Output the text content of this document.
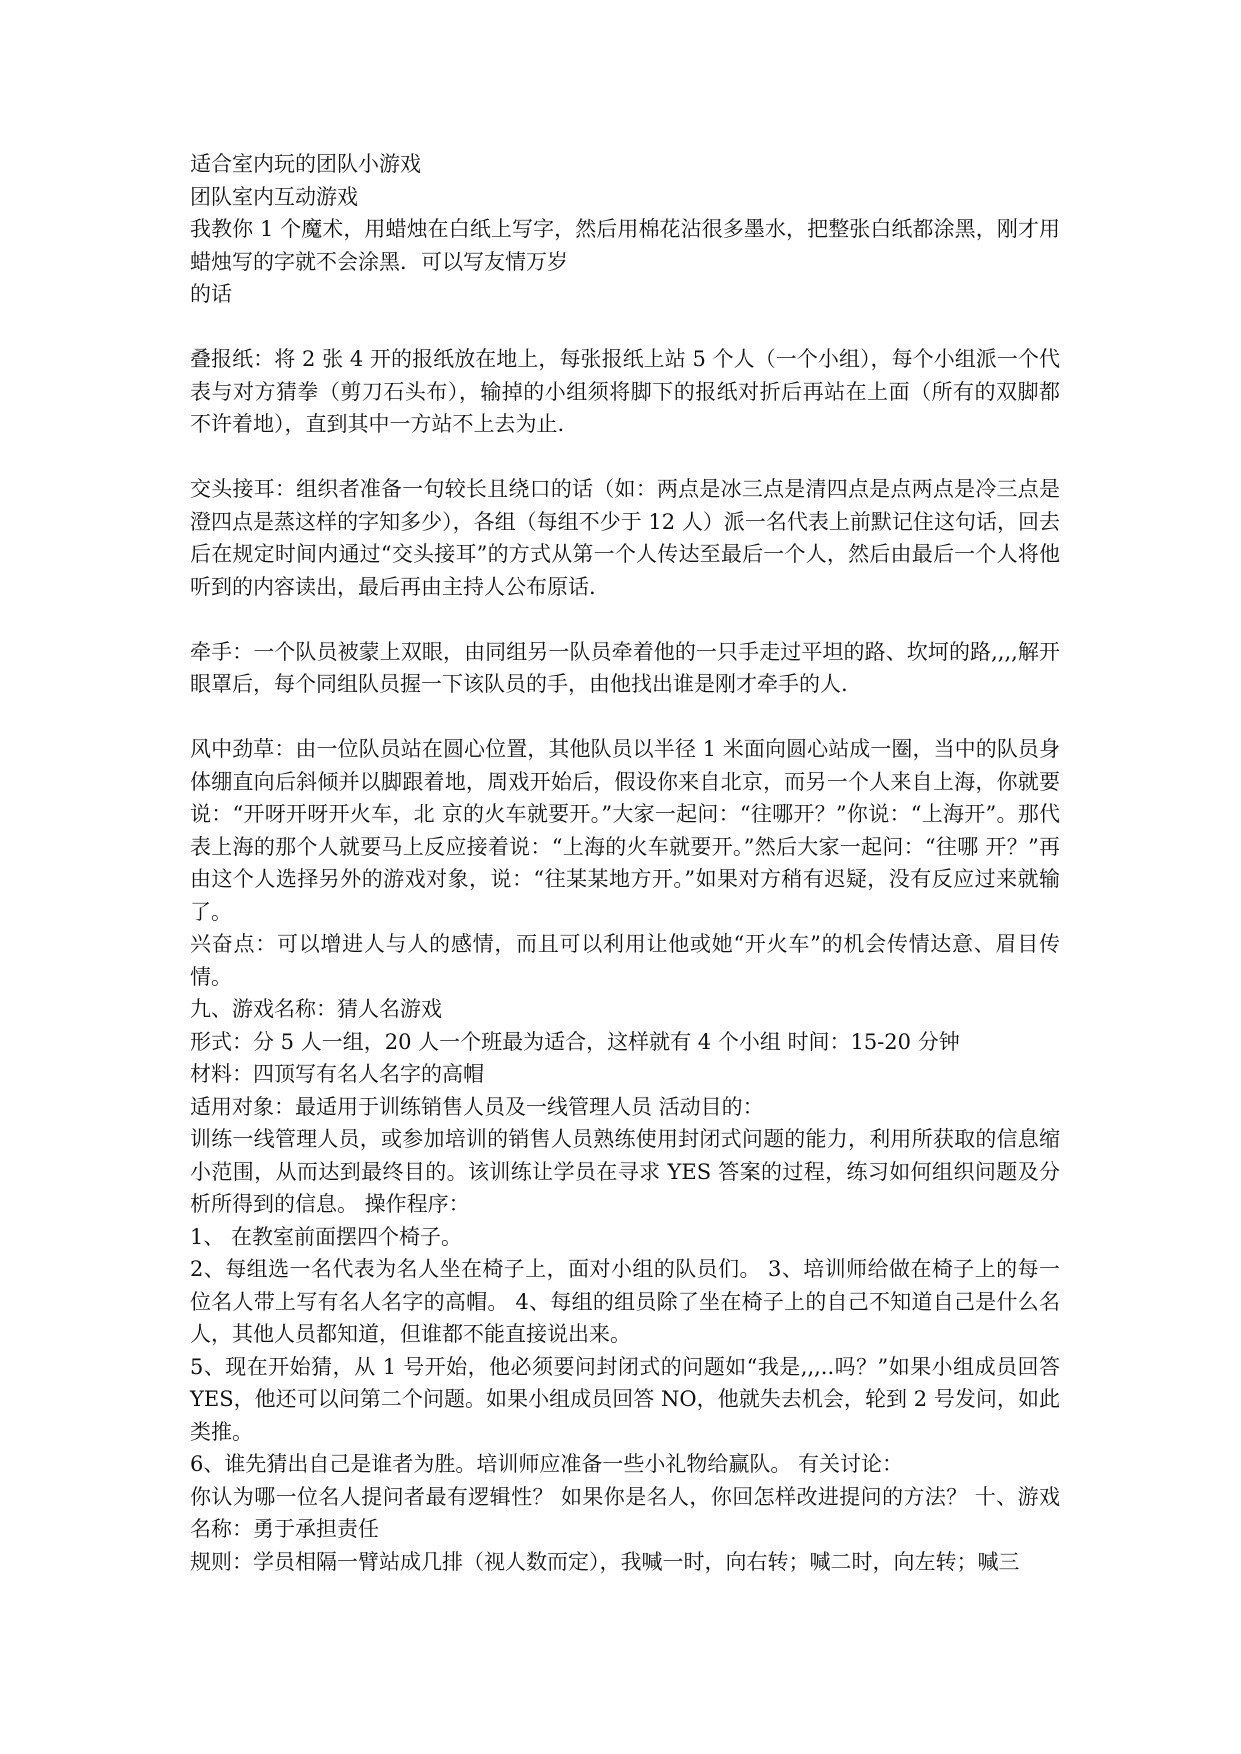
适合室内玩的团队小游戏

团队室内互动游戏

我教你 1 个魔术，用蜡烛在白纸上写字，然后用棉花沾很多墨水，把整张白纸都涂黑，刚才用蜡烛写的字就不会涂黑．可以写友情万岁

的话

叠报纸：将 2 张 4 开的报纸放在地上，每张报纸上站 5 个人（一个小组），每个小组派一个代表与对方猜拳（剪刀石头布），输掉的小组须将脚下的报纸对折后再站在上面（所有的双脚都不许着地），直到其中一方站不上去为止.

交头接耳：组织者准备一句较长且绕口的话（如：两点是冰三点是清四点是点两点是冷三点是澄四点是蒸这样的字知多少），各组（每组不少于 12 人）派一名代表上前默记住这句话，回去后在规定时间内通过“交头接耳”的方式从第一个人传达至最后一个人，然后由最后一个人将他听到的内容读出，最后再由主持人公布原话.

牵手：一个队员被蒙上双眼，由同组另一队员牵着他的一只手走过平坦的路、坎坷的路,,,,解开眼罩后，每个同组队员握一下该队员的手，由他找出谁是刚才牵手的人.

风中劲草：由一位队员站在圆心位置，其他队员以半径 1 米面向圆心站成一圈，当中的队员身体绷直向后斜倾并以脚跟着地，周戏开始后，假设你来自北京，而另一个人来自上海，你就要说：“开呀开呀开火车，北 京的火车就要开。”大家一起问：“往哪开？”你说：“上海开”。那代表上海的那个人就要马上反应接着说：“上海的火车就要开。”然后大家一起问：“往哪 开？”再由这个人选择另外的游戏对象，说：“往某某地方开。”如果对方稍有迟疑，没有反应过来就输了。

兴奋点：可以增进人与人的感情，而且可以利用让他或她“开火车”的机会传情达意、眉目传情。

九、游戏名称：猜人名游戏

形式：分 5 人一组，20 人一个班最为适合，这样就有 4 个小组 时间：15-20 分钟

材料：四顶写有名人名字的高帽

适用对象：最适用于训练销售人员及一线管理人员 活动目的：

训练一线管理人员，或参加培训的销售人员熟练使用封闭式问题的能力，利用所获取的信息缩小范围，从而达到最终目的。该训练让学员在寻求 YES 答案的过程，练习如何组织问题及分析所得到的信息。 操作程序：

1、 在教室前面摆四个椅子。

2、每组选一名代表为名人坐在椅子上，面对小组的队员们。 3、培训师给做在椅子上的每一位名人带上写有名人名字的高帽。 4、每组的组员除了坐在椅子上的自己不知道自己是什么名人，其他人员都知道，但谁都不能直接说出来。

5、现在开始猜，从 1 号开始，他必须要问封闭式的问题如“我是,,,..吗？”如果小组成员回答 YES，他还可以问第二个问题。如果小组成员回答 NO，他就失去机会，轮到 2 号发问，如此类推。

6、谁先猜出自己是谁者为胜。培训师应准备一些小礼物给赢队。 有关讨论：

你认为哪一位名人提问者最有逻辑性？ 如果你是名人，你回怎样改进提问的方法？ 十、游戏名称：勇于承担责任

规则：学员相隔一臂站成几排（视人数而定），我喊一时，向右转；喊二时，向左转；喊三
